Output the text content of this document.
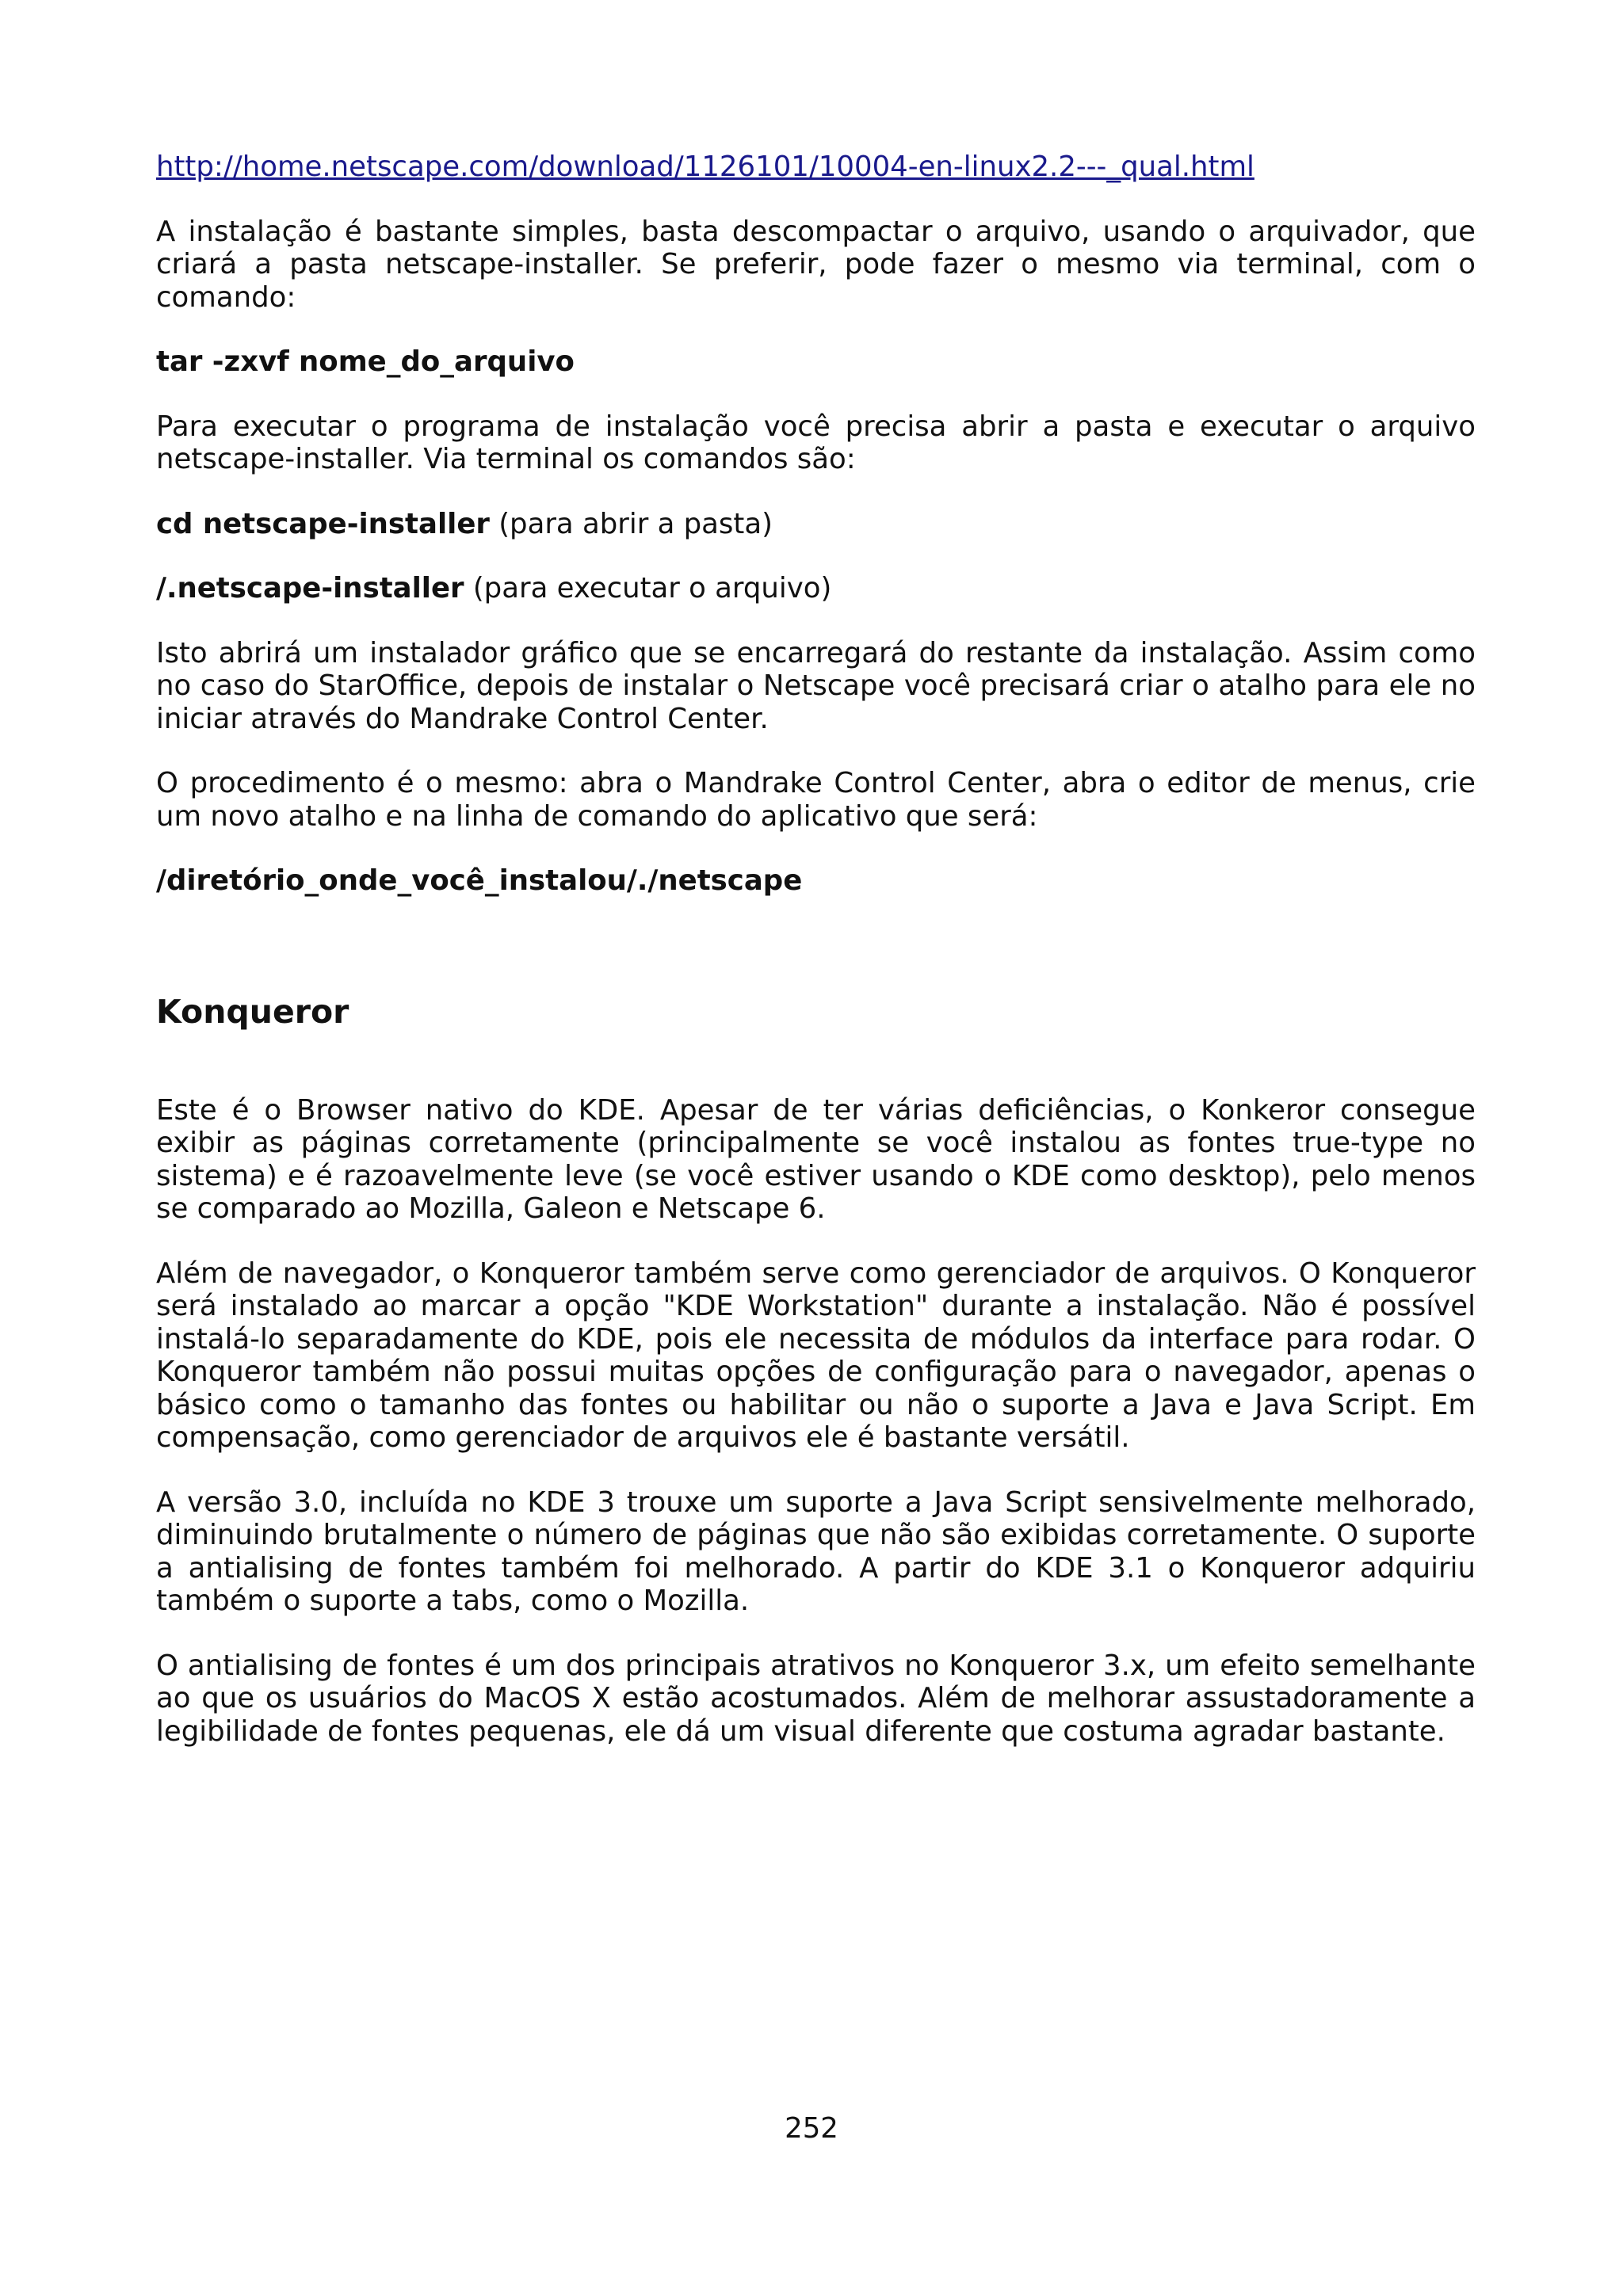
http://home.netscape.com/download/1126101/10004-en-linux2.2---_qual.html

A instalação é bastante simples, basta descompactar o arquivo, usando o arquivador, que criará a pasta netscape-installer. Se preferir, pode fazer o mesmo via terminal, com o comando:

tar -zxvf nome_do_arquivo

Para executar o programa de instalação você precisa abrir a pasta e executar o arquivo netscape-installer. Via terminal os comandos são:

cd netscape-installer (para abrir a pasta)

/.netscape-installer (para executar o arquivo)

Isto abrirá um instalador gráfico que se encarregará do restante da instalação. Assim como no caso do StarOffice, depois de instalar o Netscape você precisará criar o atalho para ele no iniciar através do Mandrake Control Center.

O procedimento é o mesmo: abra o Mandrake Control Center, abra o editor de menus, crie um novo atalho e na linha de comando do aplicativo que será:

/diretório_onde_você_instalou/./netscape

Konqueror

Este é o Browser nativo do KDE. Apesar de ter várias deficiências, o Konkeror consegue exibir as páginas corretamente (principalmente se você instalou as fontes true-type no sistema) e é razoavelmente leve (se você estiver usando o KDE como desktop), pelo menos se comparado ao Mozilla, Galeon e Netscape 6.

Além de navegador, o Konqueror também serve como gerenciador de arquivos. O Konqueror será instalado ao marcar a opção "KDE Workstation" durante a instalação. Não é possível instalá-lo separadamente do KDE, pois ele necessita de módulos da interface para rodar. O Konqueror também não possui muitas opções de configuração para o navegador, apenas o básico como o tamanho das fontes ou habilitar ou não o suporte a Java e Java Script. Em compensação, como gerenciador de arquivos ele é bastante versátil.

A versão 3.0, incluída no KDE 3 trouxe um suporte a Java Script sensivelmente melhorado, diminuindo brutalmente o número de páginas que não são exibidas corretamente. O suporte a antialising de fontes também foi melhorado. A partir do KDE 3.1 o Konqueror adquiriu também o suporte a tabs, como o Mozilla.

O antialising de fontes é um dos principais atrativos no Konqueror 3.x, um efeito semelhante ao que os usuários do MacOS X estão acostumados. Além de melhorar assustadoramente a legibilidade de fontes pequenas, ele dá um visual diferente que costuma agradar bastante.

252
